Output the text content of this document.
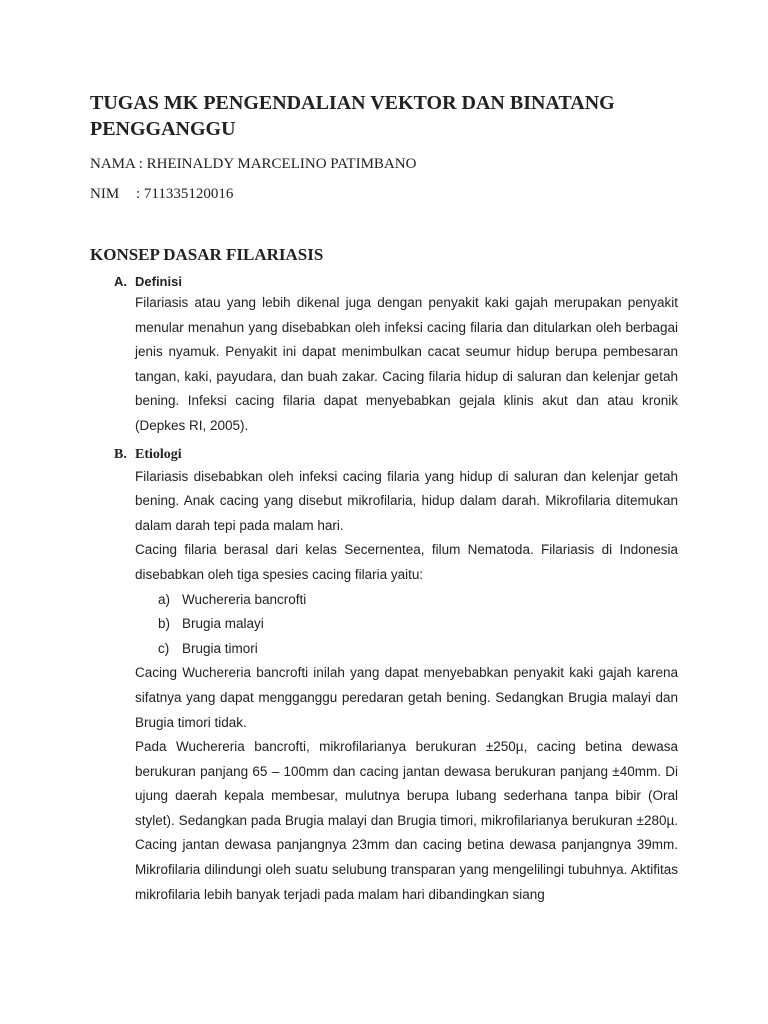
TUGAS MK PENGENDALIAN VEKTOR DAN BINATANG PENGGANGGU

NAMA : RHEINALDY MARCELINO PATIMBANO

NIM : 711335120016

KONSEP DASAR FILARIASIS
A. Definisi

Filariasis atau yang lebih dikenal juga dengan penyakit kaki gajah merupakan penyakit menular menahun yang disebabkan oleh infeksi cacing filaria dan ditularkan oleh berbagai jenis nyamuk. Penyakit ini dapat menimbulkan cacat seumur hidup berupa pembesaran tangan, kaki, payudara, dan buah zakar. Cacing filaria hidup di saluran dan kelenjar getah bening. Infeksi cacing filaria dapat menyebabkan gejala klinis akut dan atau kronik (Depkes RI, 2005).

B. Etiologi

Filariasis disebabkan oleh infeksi cacing filaria yang hidup di saluran dan kelenjar getah bening. Anak cacing yang disebut mikrofilaria, hidup dalam darah. Mikrofilaria ditemukan dalam darah tepi pada malam hari.

Cacing filaria berasal dari kelas Secernentea, filum Nematoda. Filariasis di Indonesia disebabkan oleh tiga spesies cacing filaria yaitu:

a) Wuchereria bancrofti
b) Brugia malayi
c) Brugia timori

Cacing Wuchereria bancrofti inilah yang dapat menyebabkan penyakit kaki gajah karena sifatnya yang dapat mengganggu peredaran getah bening. Sedangkan Brugia malayi dan Brugia timori tidak.

Pada Wuchereria bancrofti, mikrofilarianya berukuran ±250µ, cacing betina dewasa berukuran panjang 65 – 100mm dan cacing jantan dewasa berukuran panjang ±40mm. Di ujung daerah kepala membesar, mulutnya berupa lubang sederhana tanpa bibir (Oral stylet). Sedangkan pada Brugia malayi dan Brugia timori, mikrofilarianya berukuran ±280µ. Cacing jantan dewasa panjangnya 23mm dan cacing betina dewasa panjangnya 39mm. Mikrofilaria dilindungi oleh suatu selubung transparan yang mengelilingi tubuhnya. Aktifitas mikrofilaria lebih banyak terjadi pada malam hari dibandingkan siang
